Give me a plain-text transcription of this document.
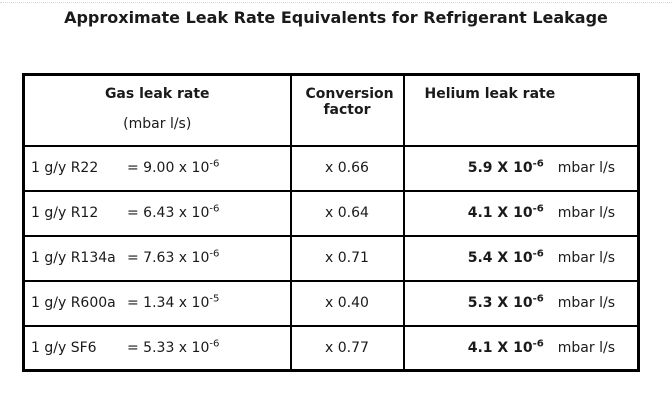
Approximate Leak Rate Equivalents for Refrigerant Leakage
Gas leak rate
(mbar l/s)	Conversion factor	Helium leak rate
1 g/y R22 = 9.00 x $10^{-6}$	x 0.66	5.9 X $10^{-6}$ mbar l/s
1 g/y R12 = 6.43 x $10^{-6}$	x 0.64	4.1 X $10^{-6}$ mbar l/s
1 g/y R134a = 7.63 x $10^{-6}$	x 0.71	5.4 X $10^{-6}$ mbar l/s
1 g/y R600a = 1.34 x $10^{-5}$	x 0.40	5.3 X $10^{-6}$ mbar l/s
1 g/y SF6 = 5.33 x $10^{-6}$	x 0.77	4.1 X $10^{-6}$ mbar l/s
